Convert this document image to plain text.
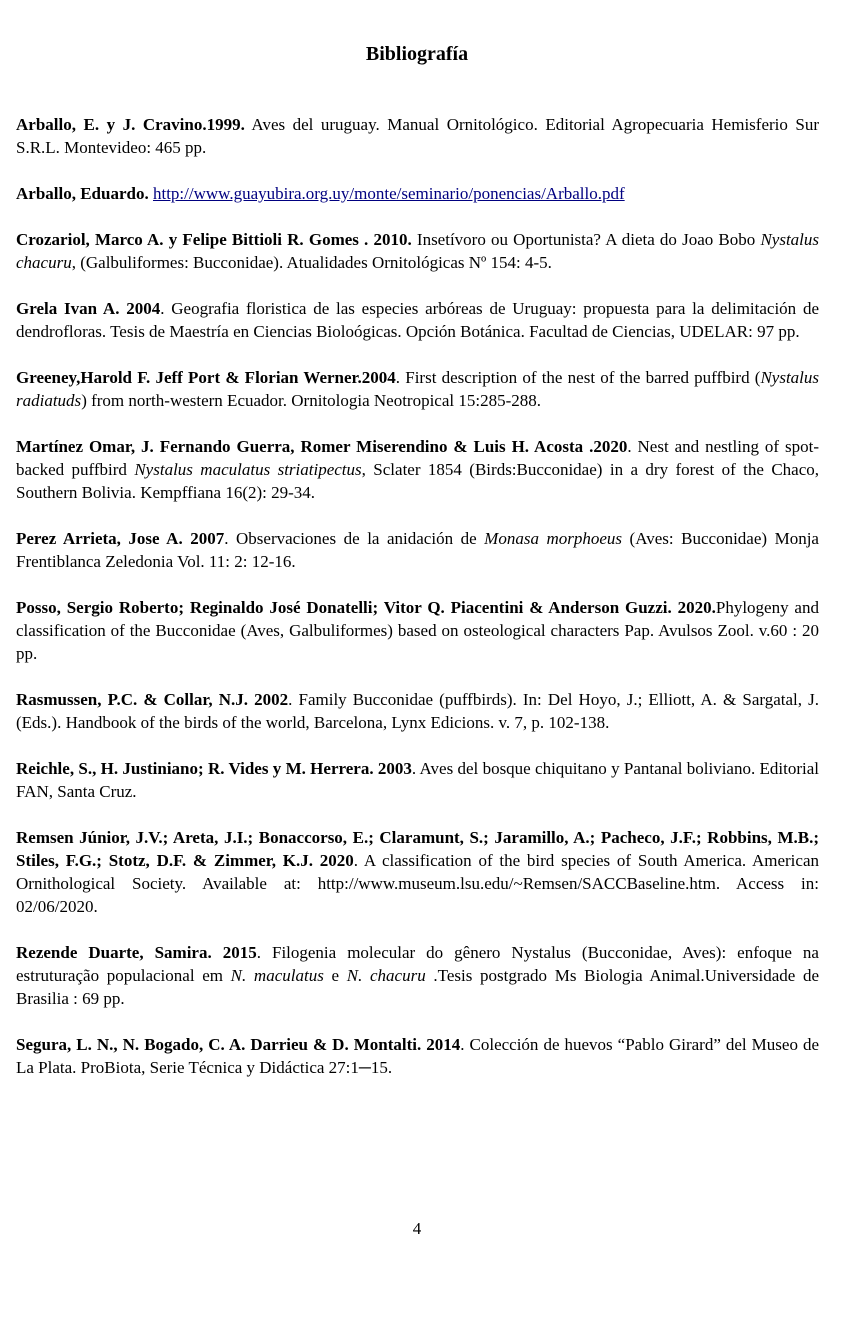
Bibliografía

Arballo, E. y J. Cravino.1999. Aves del uruguay. Manual Ornitológico. Editorial Agropecuaria Hemisferio Sur S.R.L. Montevideo: 465 pp.

Arballo, Eduardo. http://www.guayubira.org.uy/monte/seminario/ponencias/Arballo.pdf

Crozariol, Marco A. y Felipe Bittioli R. Gomes . 2010. Insetívoro ou Oportunista? A dieta do Joao Bobo Nystalus chacuru, (Galbuliformes: Bucconidae). Atualidades Ornitológicas Nº 154: 4-5.

Grela Ivan A. 2004. Geografia floristica de las especies arbóreas de Uruguay: propuesta para la delimitación de dendrofloras. Tesis de Maestría en Ciencias Bioloógicas. Opción Botánica. Facultad de Ciencias, UDELAR: 97 pp.

Greeney,Harold F. Jeff Port & Florian Werner.2004. First description of the nest of the barred puffbird (Nystalus radiatuds) from north-western Ecuador. Ornitologia Neotropical 15:285-288.

Martínez Omar, J. Fernando Guerra, Romer Miserendino & Luis H. Acosta .2020. Nest and nestling of spot-backed puffbird Nystalus maculatus striatipectus, Sclater 1854 (Birds:Bucconidae) in a dry forest of the Chaco, Southern Bolivia. Kempffiana 16(2): 29-34.

Perez Arrieta, Jose A. 2007. Observaciones de la anidación de Monasa morphoeus (Aves: Bucconidae) Monja Frentiblanca Zeledonia Vol. 11: 2: 12-16.

Posso, Sergio Roberto; Reginaldo José Donatelli; Vitor Q. Piacentini & Anderson Guzzi. 2020.Phylogeny and classification of the Bucconidae (Aves, Galbuliformes) based on osteological characters Pap. Avulsos Zool. v.60 : 20 pp.

Rasmussen, P.C. & Collar, N.J. 2002. Family Bucconidae (puffbirds). In: Del Hoyo, J.; Elliott, A. & Sargatal, J. (Eds.). Handbook of the birds of the world, Barcelona, Lynx Edicions. v. 7, p. 102-138.

Reichle, S., H. Justiniano; R. Vides y M. Herrera. 2003. Aves del bosque chiquitano y Pantanal boliviano. Editorial FAN, Santa Cruz.

Remsen Júnior, J.V.; Areta, J.I.; Bonaccorso, E.; Claramunt, S.; Jaramillo, A.; Pacheco, J.F.; Robbins, M.B.; Stiles, F.G.; Stotz, D.F. & Zimmer, K.J. 2020. A classification of the bird species of South America. American Ornithological Society. Available at: http://www.museum.lsu.edu/~Remsen/SACCBaseline.htm. Access in: 02/06/2020.

Rezende Duarte, Samira. 2015. Filogenia molecular do gênero Nystalus (Bucconidae, Aves): enfoque na estruturação populacional em N. maculatus e N. chacuru .Tesis postgrado Ms Biologia Animal.Universidade de Brasilia : 69 pp.

Segura, L. N., N. Bogado, C. A. Darrieu & D. Montalti. 2014. Colección de huevos “Pablo Girard” del Museo de La Plata. ProBiota, Serie Técnica y Didáctica 27:1─15.

4
